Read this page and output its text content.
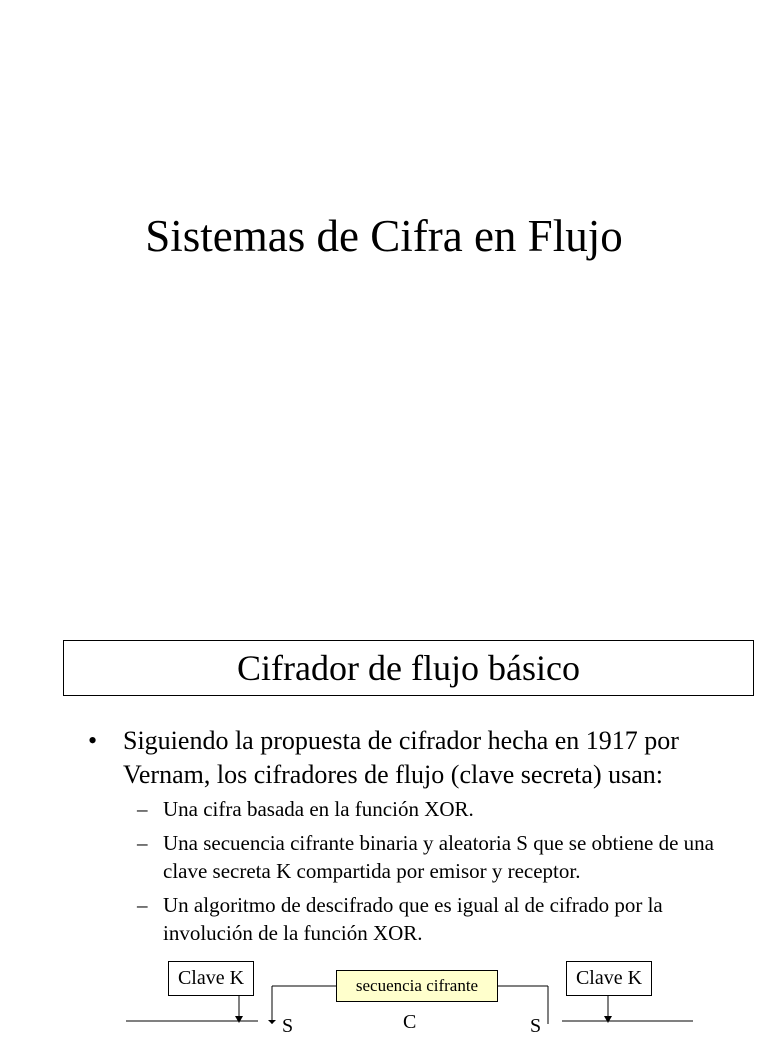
Sistemas de Cifra en Flujo
Cifrador de flujo básico
• Siguiendo la propuesta de cifrador hecha en 1917 por Vernam, los cifradores de flujo (clave secreta) usan:
– Una cifra basada en la función XOR.
– Una secuencia cifrante binaria y aleatoria S que se obtiene de una clave secreta K compartida por emisor y receptor.
– Un algoritmo de descifrado que es igual al de cifrado por la involución de la función XOR.
Clave K	Clave K
secuencia cifrante
S	C	S
